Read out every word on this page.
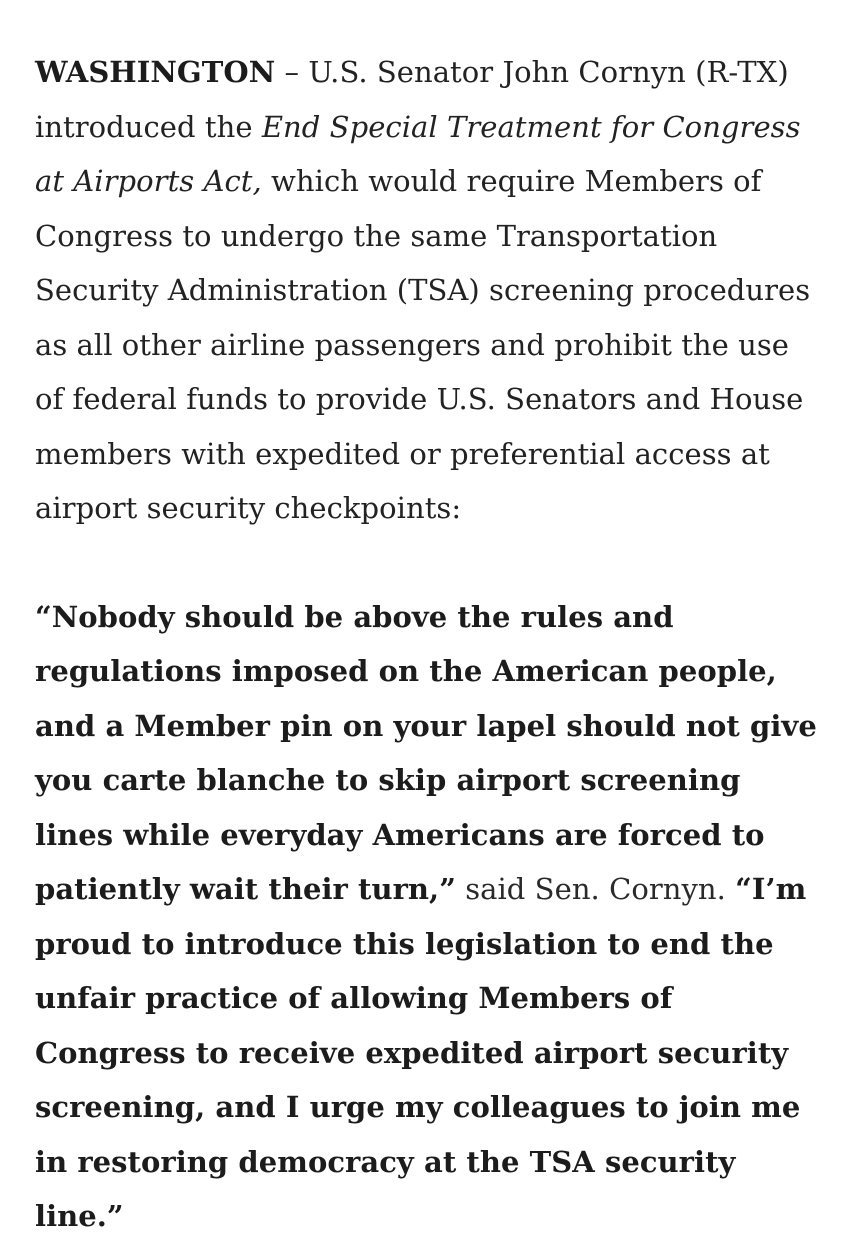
WASHINGTON – U.S. Senator John Cornyn (R-TX) introduced the End Special Treatment for Congress at Airports Act, which would require Members of Congress to undergo the same Transportation Security Administration (TSA) screening procedures as all other airline passengers and prohibit the use of federal funds to provide U.S. Senators and House members with expedited or preferential access at airport security checkpoints:

“Nobody should be above the rules and regulations imposed on the American people, and a Member pin on your lapel should not give you carte blanche to skip airport screening lines while everyday Americans are forced to patiently wait their turn,” said Sen. Cornyn. “I’m proud to introduce this legislation to end the unfair practice of allowing Members of Congress to receive expedited airport security screening, and I urge my colleagues to join me in restoring democracy at the TSA security line.”
